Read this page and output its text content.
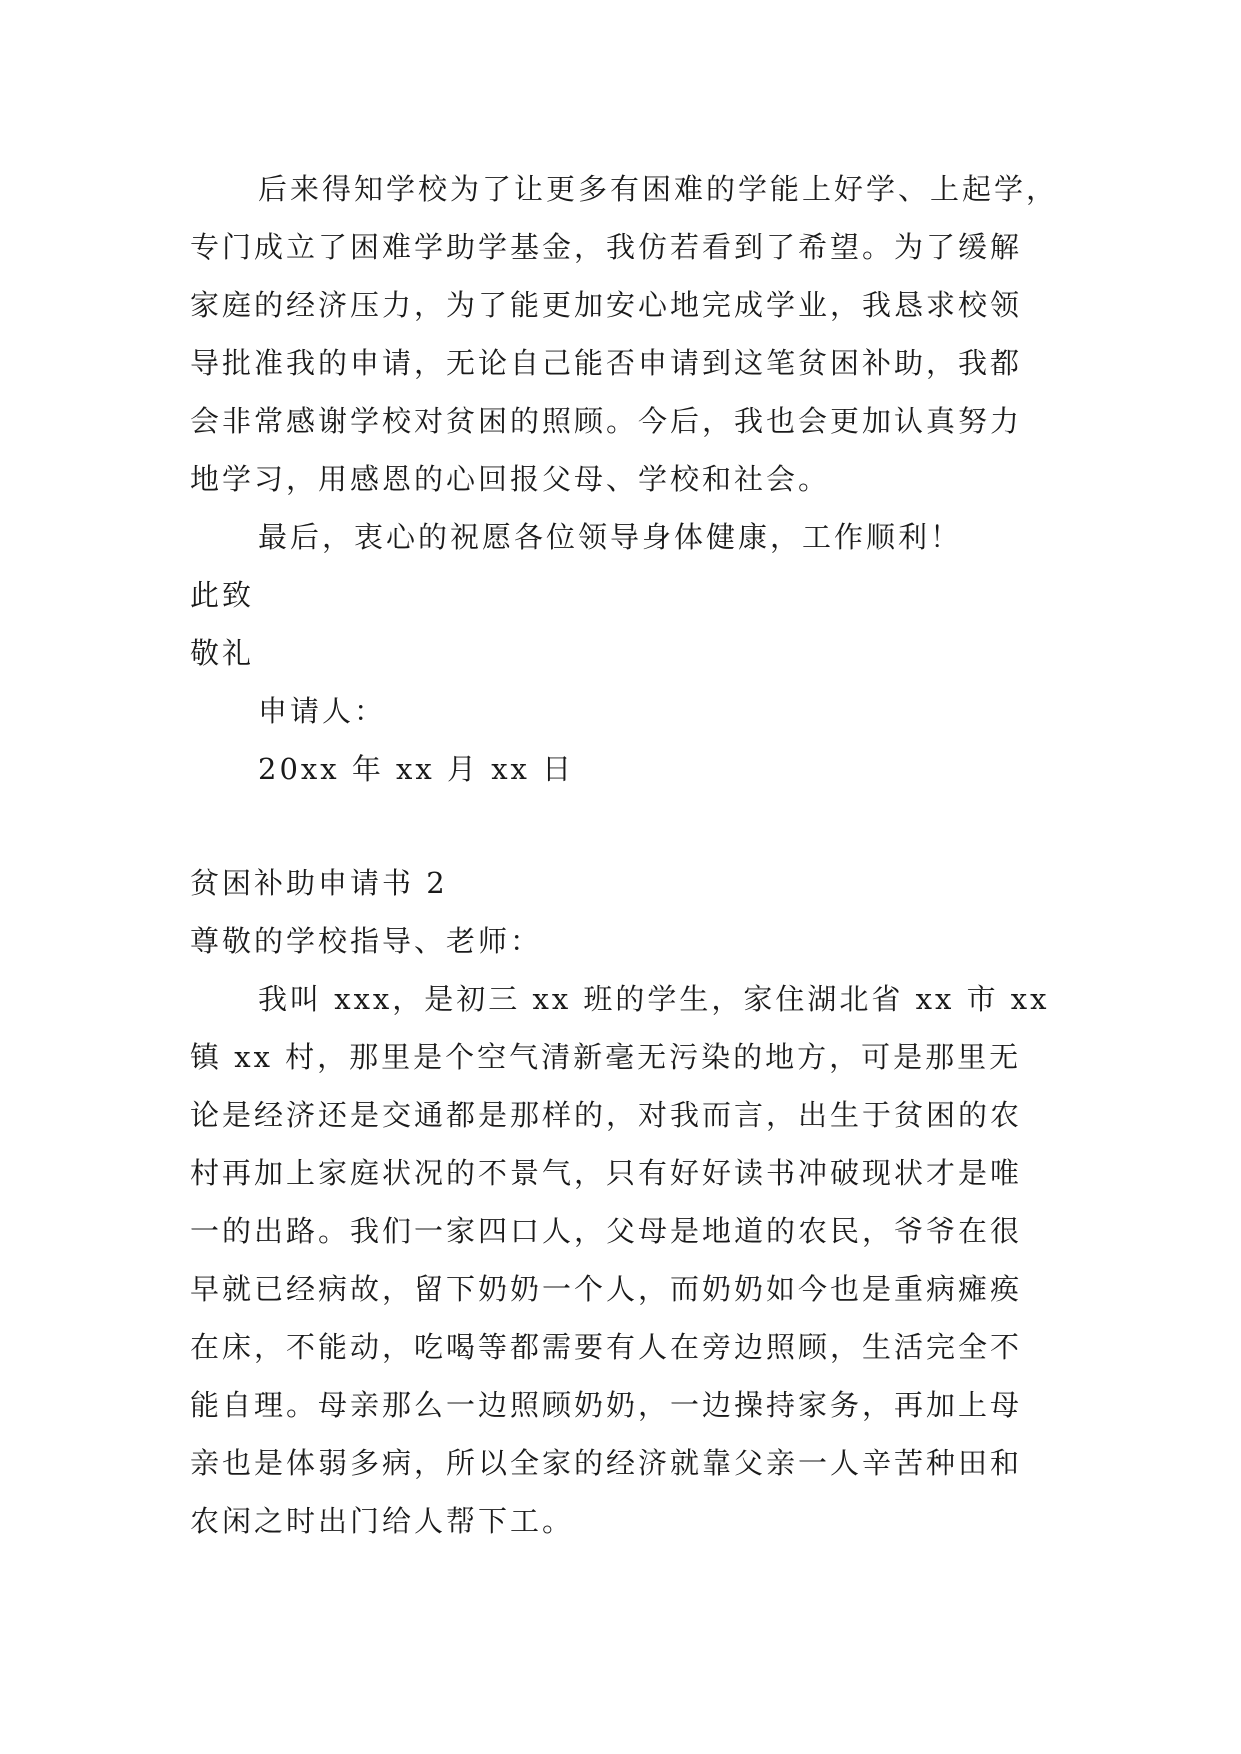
后来得知学校为了让更多有困难的学能上好学、上起学，
专门成立了困难学助学基金，我仿若看到了希望。为了缓解
家庭的经济压力，为了能更加安心地完成学业，我恳求校领
导批准我的申请，无论自己能否申请到这笔贫困补助，我都
会非常感谢学校对贫困的照顾。今后，我也会更加认真努力
地学习，用感恩的心回报父母、学校和社会。
最后，衷心的祝愿各位领导身体健康，工作顺利！
此致
敬礼
申请人：
20xx 年 xx 月 xx 日
贫困补助申请书 2
尊敬的学校指导、老师：
我叫 xxx，是初三 xx 班的学生，家住湖北省 xx 市 xx
镇 xx 村，那里是个空气清新毫无污染的地方，可是那里无
论是经济还是交通都是那样的，对我而言，出生于贫困的农
村再加上家庭状况的不景气，只有好好读书冲破现状才是唯
一的出路。我们一家四口人，父母是地道的农民，爷爷在很
早就已经病故，留下奶奶一个人，而奶奶如今也是重病瘫痪
在床，不能动，吃喝等都需要有人在旁边照顾，生活完全不
能自理。母亲那么一边照顾奶奶，一边操持家务，再加上母
亲也是体弱多病，所以全家的经济就靠父亲一人辛苦种田和
农闲之时出门给人帮下工。
